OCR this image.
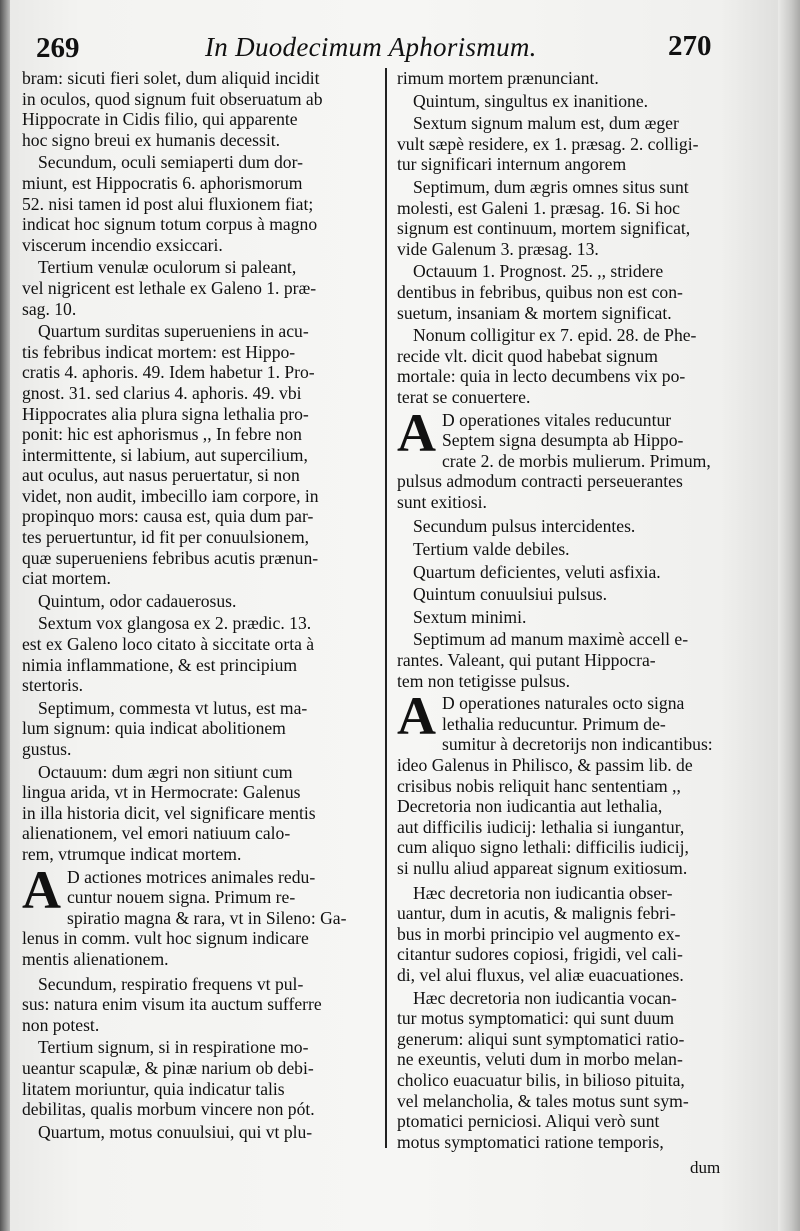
269	In Duodecimum Aphorismum.	270
bram: sicuti fieri solet, dum aliquid incidit
in oculos, quod signum fuit obseruatum ab
Hippocrate in Cidis filio, qui apparente
hoc signo breui ex humanis decessit.
Secundum, oculi semiaperti dum dor-
miunt, est Hippocratis 6. aphorismorum
52. nisi tamen id post alui fluxionem fiat;
indicat hoc signum totum corpus à magno
viscerum incendio exsiccari.
Tertium venulæ oculorum si paleant,
vel nigricent est lethale ex Galeno 1. præ-
sag. 10.
Quartum surditas superueniens in acu-
tis febribus indicat mortem: est Hippo-
cratis 4. aphoris. 49. Idem habetur 1. Pro-
gnost. 31. sed clarius 4. aphoris. 49. vbi
Hippocrates alia plura signa lethalia pro-
ponit: hic est aphorismus ,, In febre non
intermittente, si labium, aut supercilium,
aut oculus, aut nasus peruertatur, si non
videt, non audit, imbecillo iam corpore, in
propinquo mors: causa est, quia dum par-
tes peruertuntur, id fit per conuulsionem,
quæ superueniens febribus acutis prænun-
ciat mortem.
Quintum, odor cadauerosus.
Sextum vox glangosa ex 2. prædic. 13.
est ex Galeno loco citato à siccitate orta à
nimia inflammatione, & est principium
stertoris.
Septimum, commesta vt lutus, est ma-
lum signum: quia indicat abolitionem
gustus.
Octauum: dum ægri non sitiunt cum
lingua arida, vt in Hermocrate: Galenus
in illa historia dicit, vel significare mentis
alienationem, vel emori natiuum calo-
rem, vtrumque indicat mortem.
A D actiones motrices animales redu-
cuntur nouem signa. Primum re-
spiratio magna & rara, vt in Sileno: Ga-
lenus in comm. vult hoc signum indicare
mentis alienationem.
Secundum, respiratio frequens vt pul-
sus: natura enim visum ita auctum sufferre
non potest.
Tertium signum, si in respiratione mo-
ueantur scapulæ, & pinæ narium ob debi-
litatem moriuntur, quia indicatur talis
debilitas, qualis morbum vincere non pót.
Quartum, motus conuulsiui, qui vt plu-
rimum mortem prænunciant.
Quintum, singultus ex inanitione.
Sextum signum malum est, dum æger
vult sæpè residere, ex 1. præsag. 2. colligi-
tur significari internum angorem
Septimum, dum ægris omnes situs sunt
molesti, est Galeni 1. præsag. 16. Si hoc
signum est continuum, mortem significat,
vide Galenum 3. præsag. 13.
Octauum 1. Prognost. 25. ,, stridere
dentibus in febribus, quibus non est con-
suetum, insaniam & mortem significat.
Nonum colligitur ex 7. epid. 28. de Phe-
recide vlt. dicit quod habebat signum
mortale: quia in lecto decumbens vix po-
terat se conuertere.
A D operationes vitales reducuntur
Septem signa desumpta ab Hippo-
crate 2. de morbis mulierum. Primum,
pulsus admodum contracti perseuerantes
sunt exitiosi.
Secundum pulsus intercidentes.
Tertium valde debiles.
Quartum deficientes, veluti asfixia.
Quintum conuulsiui pulsus.
Sextum minimi.
Septimum ad manum maximè accell e-
rantes. Valeant, qui putant Hippocra-
tem non tetigisse pulsus.
A D operationes naturales octo signa
lethalia reducuntur. Primum de-
sumitur à decretorijs non indicantibus:
ideo Galenus in Philisco, & passim lib. de
crisibus nobis reliquit hanc sententiam ,,
Decretoria non iudicantia aut lethalia,
aut difficilis iudicij: lethalia si iungantur,
cum aliquo signo lethali: difficilis iudicij,
si nullu aliud appareat signum exitiosum.
Hæc decretoria non iudicantia obser-
uantur, dum in acutis, & malignis febri-
bus in morbi principio vel augmento ex-
citantur sudores copiosi, frigidi, vel cali-
di, vel alui fluxus, vel aliæ euacuationes.
Hæc decretoria non iudicantia vocan-
tur motus symptomatici: qui sunt duum
generum: aliqui sunt symptomatici ratio-
ne exeuntis, veluti dum in morbo melan-
cholico euacuatur bilis, in bilioso pituita,
vel melancholia, & tales motus sunt sym-
ptomatici perniciosi. Aliqui verò sunt
motus symptomatici ratione temporis,
dum
